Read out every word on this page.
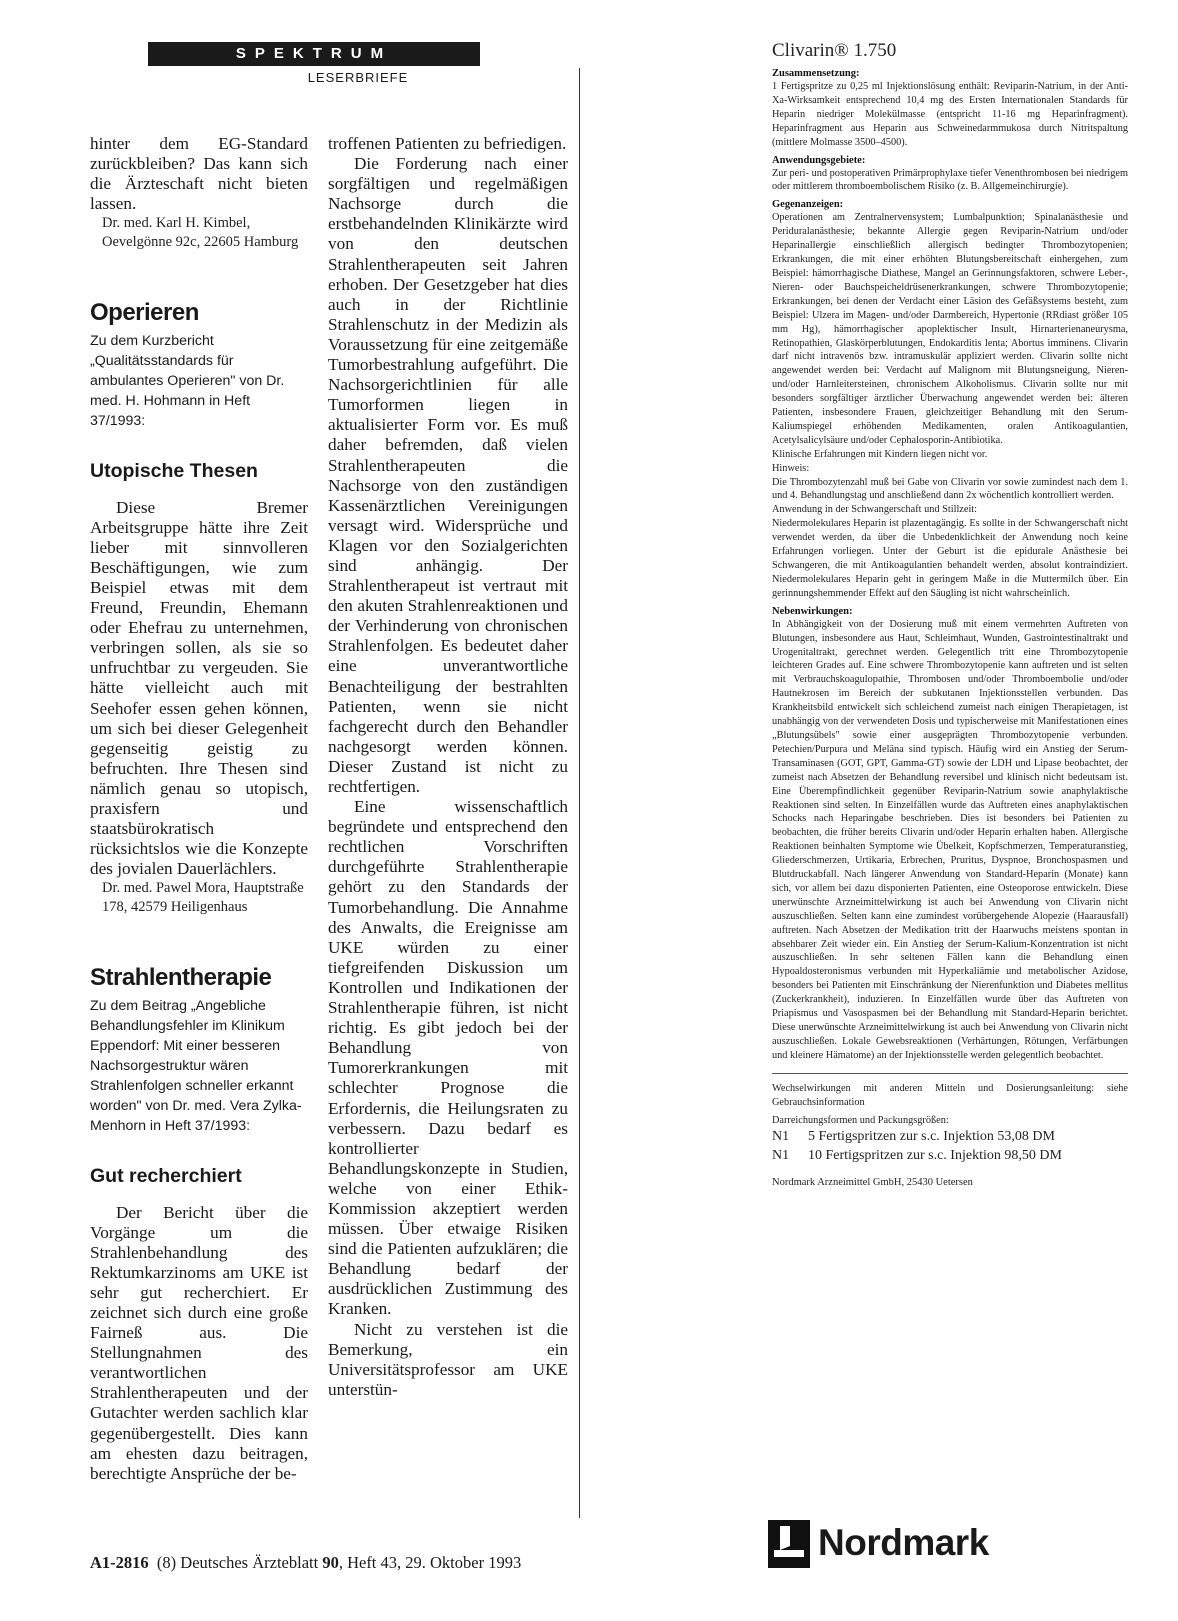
SPEKTRUM
LESERBRIEFE

hinter dem EG-Standard zurückbleiben? Das kann sich die Ärzteschaft nicht bieten lassen.

Dr. med. Karl H. Kimbel, Oevelgönne 92c, 22605 Hamburg

Operieren

Zu dem Kurzbericht „Qualitätsstandards für ambulantes Operieren" von Dr. med. H. Hohmann in Heft 37/1993:

Utopische Thesen

Diese Bremer Arbeitsgruppe hätte ihre Zeit lieber mit sinnvolleren Beschäftigungen, wie zum Beispiel etwas mit dem Freund, Freundin, Ehemann oder Ehefrau zu unternehmen, verbringen sollen, als sie so unfruchtbar zu vergeuden. Sie hätte vielleicht auch mit Seehofer essen gehen können, um sich bei dieser Gelegenheit gegenseitig geistig zu befruchten. Ihre Thesen sind nämlich genau so utopisch, praxisfern und staatsbürokratisch rücksichtslos wie die Konzepte des jovialen Dauerlächlers.

Dr. med. Pawel Mora, Hauptstraße 178, 42579 Heiligenhaus

Strahlentherapie

Zu dem Beitrag „Angebliche Behandlungsfehler im Klinikum Eppendorf: Mit einer besseren Nachsorgestruktur wären Strahlenfolgen schneller erkannt worden" von Dr. med. Vera Zylka-Menhorn in Heft 37/1993:

Gut recherchiert

Der Bericht über die Vorgänge um die Strahlenbehandlung des Rektumkarzinoms am UKE ist sehr gut recherchiert. Er zeichnet sich durch eine große Fairneß aus. Die Stellungnahmen des verantwortlichen Strahlentherapeuten und der Gutachter werden sachlich klar gegenübergestellt. Dies kann am ehesten dazu beitragen, berechtigte Ansprüche der be-

troffenen Patienten zu befriedigen.

Die Forderung nach einer sorgfältigen und regelmäßigen Nachsorge durch die erstbehandelnden Klinikärzte wird von den deutschen Strahlentherapeuten seit Jahren erhoben. Der Gesetzgeber hat dies auch in der Richtlinie Strahlenschutz in der Medizin als Voraussetzung für eine zeitgemäße Tumorbestrahlung aufgeführt. Die Nachsorgerichtlinien für alle Tumorformen liegen in aktualisierter Form vor. Es muß daher befremden, daß vielen Strahlentherapeuten die Nachsorge von den zuständigen Kassenärztlichen Vereinigungen versagt wird. Widersprüche und Klagen vor den Sozialgerichten sind anhängig. Der Strahlentherapeut ist vertraut mit den akuten Strahlenreaktionen und der Verhinderung von chronischen Strahlenfolgen. Es bedeutet daher eine unverantwortliche Benachteiligung der bestrahlten Patienten, wenn sie nicht fachgerecht durch den Behandler nachgesorgt werden können. Dieser Zustand ist nicht zu rechtfertigen.

Eine wissenschaftlich begründete und entsprechend den rechtlichen Vorschriften durchgeführte Strahlentherapie gehört zu den Standards der Tumorbehandlung. Die Annahme des Anwalts, die Ereignisse am UKE würden zu einer tiefgreifenden Diskussion um Kontrollen und Indikationen der Strahlentherapie führen, ist nicht richtig. Es gibt jedoch bei der Behandlung von Tumorerkrankungen mit schlechter Prognose die Erfordernis, die Heilungsraten zu verbessern. Dazu bedarf es kontrollierter Behandlungskonzepte in Studien, welche von einer Ethik-Kommission akzeptiert werden müssen. Über etwaige Risiken sind die Patienten aufzuklären; die Behandlung bedarf der ausdrücklichen Zustimmung des Kranken.

Nicht zu verstehen ist die Bemerkung, ein Universitätsprofessor am UKE unterstün-

Clivarin® 1.750
Zusammensetzung:

1 Fertigspritze zu 0,25 ml Injektionslösung enthält: Reviparin-Natrium, in der Anti-Xa-Wirksamkeit entsprechend 10,4 mg des Ersten Internationalen Standards für Heparin niedriger Molekülmasse (entspricht 11-16 mg Heparinfragment). Heparinfragment aus Heparin aus Schweinedarmmukosa durch Nitritspaltung (mittlere Molmasse 3500–4500).

Anwendungsgebiete:

Zur peri- und postoperativen Primärprophylaxe tiefer Venenthrombosen bei niedrigem oder mittlerem thromboembolischem Risiko (z. B. Allgemeinchirurgie).

Gegenanzeigen:

Operationen am Zentralnervensystem; Lumbalpunktion; Spinalanästhesie und Periduralanästhesie; bekannte Allergie gegen Reviparin-Natrium und/oder Heparinallergie einschließlich allergisch bedingter Thrombozytopenien; Erkrankungen, die mit einer erhöhten Blutungsbereitschaft einhergehen, zum Beispiel: hämorrhagische Diathese, Mangel an Gerinnungsfaktoren, schwere Leber-, Nieren- oder Bauchspeicheldrüsenerkrankungen, schwere Thrombozytopenie; Erkrankungen, bei denen der Verdacht einer Läsion des Gefäßsystems besteht, zum Beispiel: Ulzera im Magen- und/oder Darmbereich, Hypertonie (RRdiast größer 105 mm Hg), hämorrhagischer apoplektischer Insult, Hirnarterienaneurysma, Retinopathien, Glaskörperblutungen, Endokarditis lenta; Abortus imminens. Clivarin darf nicht intravenös bzw. intramuskulär appliziert werden. Clivarin sollte nicht angewendet werden bei: Verdacht auf Malignom mit Blutungsneigung, Nieren- und/oder Harnleitersteinen, chronischem Alkoholismus. Clivarin sollte nur mit besonders sorgfältiger ärztlicher Überwachung angewendet werden bei: älteren Patienten, insbesondere Frauen, gleichzeitiger Behandlung mit den Serum-Kaliumspiegel erhöhenden Medikamenten, oralen Antikoagulantien, Acetylsalicylsäure und/oder Cephalosporin-Antibiotika.

Klinische Erfahrungen mit Kindern liegen nicht vor.

Hinweis:

Die Thrombozytenzahl muß bei Gabe von Clivarin vor sowie zumindest nach dem 1. und 4. Behandlungstag und anschließend dann 2x wöchentlich kontrolliert werden.

Anwendung in der Schwangerschaft und Stillzeit:

Niedermolekulares Heparin ist plazentagängig. Es sollte in der Schwangerschaft nicht verwendet werden, da über die Unbedenklichkeit der Anwendung noch keine Erfahrungen vorliegen. Unter der Geburt ist die epidurale Anästhesie bei Schwangeren, die mit Antikoagulantien behandelt werden, absolut kontraindiziert. Niedermolekulares Heparin geht in geringem Maße in die Muttermilch über. Ein gerinnungshemmender Effekt auf den Säugling ist nicht wahrscheinlich.

Nebenwirkungen:

In Abhängigkeit von der Dosierung muß mit einem vermehrten Auftreten von Blutungen, insbesondere aus Haut, Schleimhaut, Wunden, Gastrointestinaltrakt und Urogenitaltrakt, gerechnet werden. Gelegentlich tritt eine Thrombozytopenie leichteren Grades auf. Eine schwere Thrombozytopenie kann auftreten und ist selten mit Verbrauchskoagulopathie, Thrombosen und/oder Thromboembolie und/oder Hautnekrosen im Bereich der subkutanen Injektionsstellen verbunden. Das Krankheitsbild entwickelt sich schleichend zumeist nach einigen Therapietagen, ist unabhängig von der verwendeten Dosis und typischerweise mit Manifestationen eines „Blutungsübels" sowie einer ausgeprägten Thrombozytopenie verbunden. Petechien/Purpura und Meläna sind typisch. Häufig wird ein Anstieg der Serum-Transaminasen (GOT, GPT, Gamma-GT) sowie der LDH und Lipase beobachtet, der zumeist nach Absetzen der Behandlung reversibel und klinisch nicht bedeutsam ist. Eine Überempfindlichkeit gegenüber Reviparin-Natrium sowie anaphylaktische Reaktionen sind selten. In Einzelfällen wurde das Auftreten eines anaphylaktischen Schocks nach Heparingabe beschrieben. Dies ist besonders bei Patienten zu beobachten, die früher bereits Clivarin und/oder Heparin erhalten haben. Allergische Reaktionen beinhalten Symptome wie Übelkeit, Kopfschmerzen, Temperaturanstieg, Gliederschmerzen, Urtikaria, Erbrechen, Pruritus, Dyspnoe, Bronchospasmen und Blutdruckabfall. Nach längerer Anwendung von Standard-Heparin (Monate) kann sich, vor allem bei dazu disponierten Patienten, eine Osteoporose entwickeln. Diese unerwünschte Arzneimittelwirkung ist auch bei Anwendung von Clivarin nicht auszuschließen. Selten kann eine zumindest vorübergehende Alopezie (Haarausfall) auftreten. Nach Absetzen der Medikation tritt der Haarwuchs meistens spontan in absehbarer Zeit wieder ein. Ein Anstieg der Serum-Kalium-Konzentration ist nicht auszuschließen. In sehr seltenen Fällen kann die Behandlung einen Hypoaldosteronismus verbunden mit Hyperkaliämie und metabolischer Azidose, besonders bei Patienten mit Einschränkung der Nierenfunktion und Diabetes mellitus (Zuckerkrankheit), induzieren. In Einzelfällen wurde über das Auftreten von Priapismus und Vasospasmen bei der Behandlung mit Standard-Heparin berichtet. Diese unerwünschte Arzneimittelwirkung ist auch bei Anwendung von Clivarin nicht auszuschließen. Lokale Gewebsreaktionen (Verhärtungen, Rötungen, Verfärbungen und kleinere Hämatome) an der Injektionsstelle werden gelegentlich beobachtet.

Wechselwirkungen mit anderen Mitteln und Dosierungsanleitung: siehe Gebrauchsinformation

Darreichungsformen und Packungsgrößen:

N1	5 Fertigspritzen zur s.c. Injektion 53,08 DM
N1	10 Fertigspritzen zur s.c. Injektion 98,50 DM
Nordmark Arzneimittel GmbH, 25430 Uetersen
Nordmark
A1-2816 (8) Deutsches Ärzteblatt 90, Heft 43, 29. Oktober 1993
